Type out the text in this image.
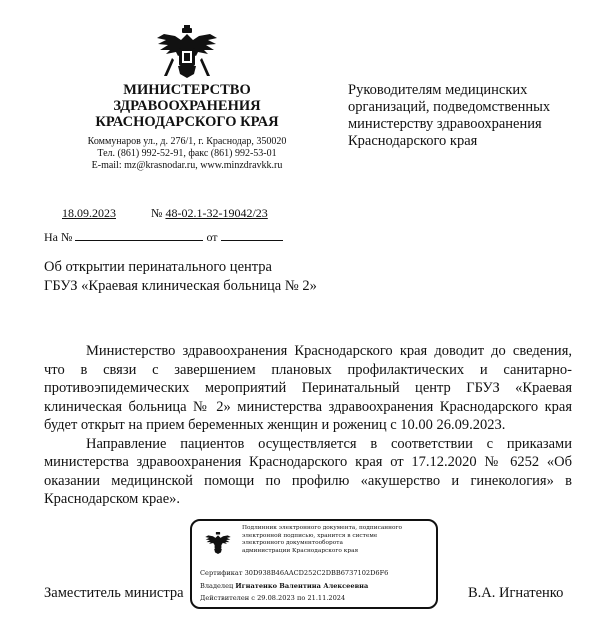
МИНИСТЕРСТВО
ЗДРАВООХРАНЕНИЯ
КРАСНОДАРСКОГО КРАЯ
Коммунаров ул., д. 276/1, г. Краснодар, 350020
Тел. (861) 992-52-91, факс (861) 992-53-01
E-mail: mz@krasnodar.ru, www.minzdravkk.ru
Руководителям медицинских
организаций, подведомственных
министерству здравоохранения
Краснодарского края
18.09.2023	№ 48-02.1-32-19042/23
На №	от
Об открытии перинатального центра
ГБУЗ «Краевая клиническая больница № 2»

Министерство здравоохранения Краснодарского края доводит до сведения, что в связи с завершением плановых профилактических и санитарно-противоэпидемических мероприятий Перинатальный центр ГБУЗ «Краевая клиническая больница № 2» министерства здравоохранения Краснодарского края будет открыт на прием беременных женщин и рожениц с 10.00 26.09.2023.

Направление пациентов осуществляется в соответствии с приказами министерства здравоохранения Краснодарского края от 17.12.2020 № 6252 «Об оказании медицинской помощи по профилю «акушерство и гинекология» в Краснодарском крае».

Заместитель министра	В.А. Игнатенко
Подлинник электронного документа, подписанного
электронной подписью, хранится в системе
электронного документооборота
администрации Краснодарского края
Сертификат 30D938B46AACD252C2DBB6737102D6F6
Владелец Игнатенко Валентина Алексеевна
Действителен с 29.08.2023 по 21.11.2024
